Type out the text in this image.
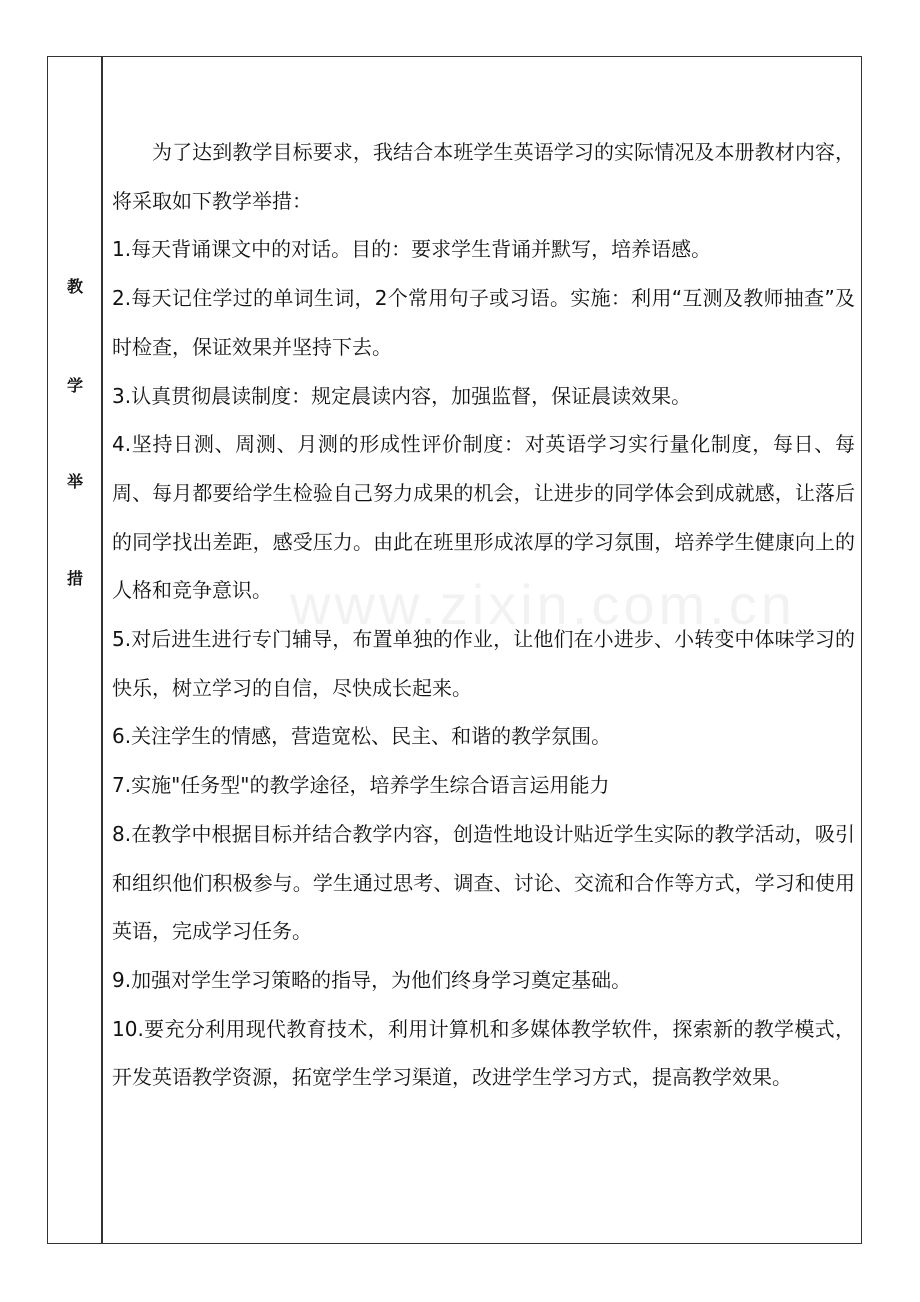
教
学
举
措	www.zixin.com.cn

为了达到教学目标要求，我结合本班学生英语学习的实际情况及本册教材内容，将采取如下教学举措：

1.每天背诵课文中的对话。目的：要求学生背诵并默写，培养语感。

2.每天记住学过的单词生词，2个常用句子或习语。实施：利用“互测及教师抽查”及时检查，保证效果并坚持下去。

3.认真贯彻晨读制度：规定晨读内容，加强监督，保证晨读效果。

4.坚持日测、周测、月测的形成性评价制度：对英语学习实行量化制度，每日、每周、每月都要给学生检验自己努力成果的机会，让进步的同学体会到成就感，让落后的同学找出差距，感受压力。由此在班里形成浓厚的学习氛围，培养学生健康向上的人格和竞争意识。

5.对后进生进行专门辅导，布置单独的作业，让他们在小进步、小转变中体味学习的快乐，树立学习的自信，尽快成长起来。

6.关注学生的情感，营造宽松、民主、和谐的教学氛围。

7.实施"任务型"的教学途径，培养学生综合语言运用能力

8.在教学中根据目标并结合教学内容，创造性地设计贴近学生实际的教学活动，吸引和组织他们积极参与。学生通过思考、调查、讨论、交流和合作等方式，学习和使用英语，完成学习任务。

9.加强对学生学习策略的指导，为他们终身学习奠定基础。

10.要充分利用现代教育技术，利用计算机和多媒体教学软件，探索新的教学模式，开发英语教学资源，拓宽学生学习渠道，改进学生学习方式，提高教学效果。
